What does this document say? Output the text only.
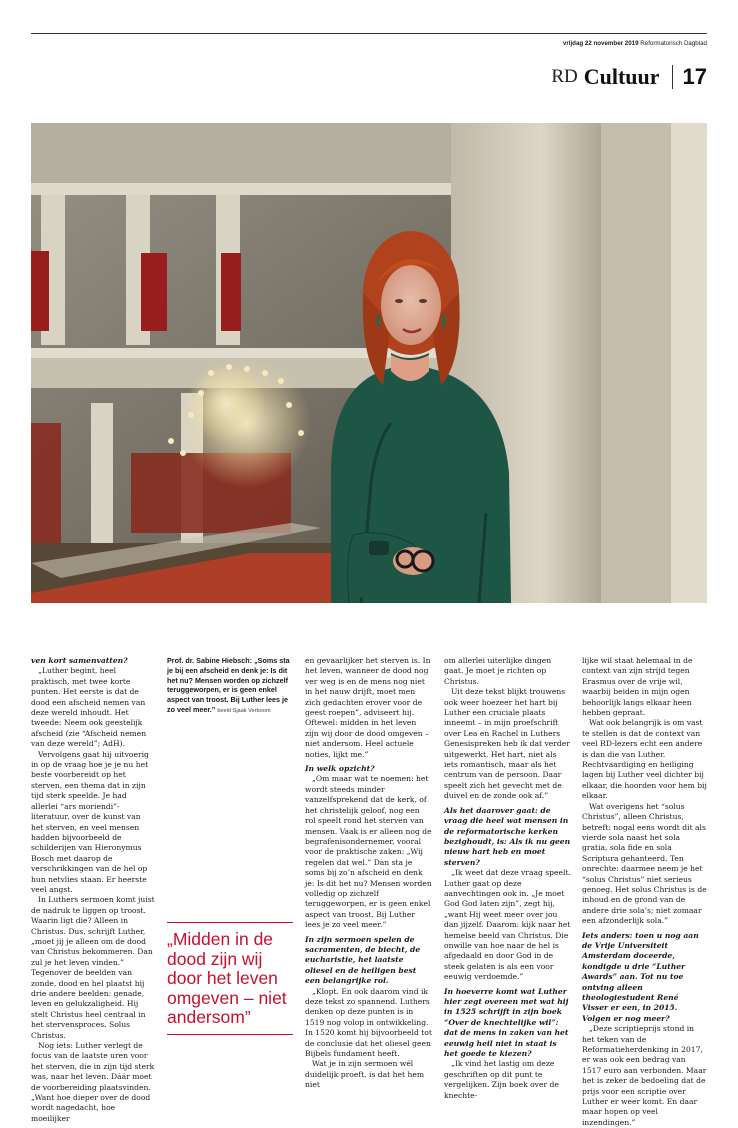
vrijdag 22 november 2019 Reformatorisch Dagblad
RD Cultuur 17

ven kort samenvatten?

„Luther begint, heel praktisch, met twee korte punten. Het eerste is dat de dood een afscheid nemen van deze wereld inhoudt. Het tweede: Neem ook geestelijk afscheid (zie “Afscheid nemen van deze wereld”; AdH).

Vervolgens gaat hij uitvoerig in op de vraag hoe je je nu het beste voorbereidt op het sterven, een thema dat in zijn tijd sterk speelde. Je had allerlei “ars moriendi”-literatuur, over de kunst van het sterven, en veel mensen hadden bijvoorbeeld de schilderijen van Hieronymus Bosch met daarop de verschrikkingen van de hel op hun netvlies staan. Er heerste veel angst.

In Luthers sermoen komt juist de nadruk te liggen op troost. Waarin ligt die? Alleen in Christus. Dus, schrijft Luther, „moet jij je alleen om de dood van Christus bekommeren. Dan zul je het leven vinden.” Tegenover de beelden van zonde, dood en hel plaatst hij drie andere beelden: genade, leven en gelukzaligheid. Hij stelt Christus heel centraal in het stervensproces. Solus Christus.

Nog iets: Luther verlegt de focus van de laatste uren voor het sterven, die in zijn tijd sterk was, naar het leven. Dáár moet de voorbereiding plaatsvinden. „Want hoe dieper over de dood wordt nagedacht, hoe moeilijker

Prof. dr. Sabine Hiebsch: „Soms sta je bij een afscheid en denk je: Is dit het nu? Mensen worden op zichzelf teruggeworpen, er is geen enkel aspect van troost. Bij Luther lees je zo veel meer.” beeld Sjaak Verboom
„Midden in de dood zijn wij door het leven omgeven – niet andersom”

en gevaarlijker het sterven is. In het leven, wanneer de dood nog ver weg is en de mens nog niet in het nauw drijft, moet men zich gedachten erover voor de geest roepen”, adviseert hij. Oftewel: midden in het leven zijn wij door de dood omgeven – niet andersom. Heel actuele noties, lijkt me.”

In welk opzicht?

„Om maar wat te noemen: het wordt steeds minder vanzelfsprekend dat de kerk, of het christelijk geloof, nog een rol speelt rond het sterven van mensen. Vaak is er alleen nog de begrafenisondernemer, vooral voor de praktische zaken: „Wij regelen dat wel.” Dan sta je soms bij zo’n afscheid en denk je: Is dit het nu? Mensen worden volledig op zichzelf teruggeworpen, er is geen enkel aspect van troost. Bij Luther lees je zo veel meer.”

In zijn sermoen spelen de sacramenten, de biecht, de eucharistie, het laatste oliesel en de heiligen best een belangrijke rol.

„Klopt. En ook daarom vind ik deze tekst zo spannend. Luthers denken op deze punten is in 1519 nog volop in ontwikkeling. In 1520 komt hij bijvoorbeeld tot de conclusie dat het oliesel geen Bijbels fundament heeft.

Wat je in zijn sermoen wél duidelijk proeft, is dat het hem niet

om allerlei uiterlijke dingen gaat. Je moet je richten op Christus.

Uit deze tekst blijkt trouwens ook weer hoezeer het hart bij Luther een cruciale plaats inneemt – in mijn proefschrift over Lea en Rachel in Luthers Genesispreken heb ik dat verder uitgewerkt. Het hart, niet als iets romantisch, maar als het centrum van de persoon. Daar speelt zich het gevecht met de duivel en de zonde ook af.”

Als het daarover gaat: de vraag die heel wat mensen in de reformatorische kerken bezighoudt, is: Als ik nu geen nieuw hart heb en moet sterven?

„Ik weet dat deze vraag speelt. Luther gaat op deze aanvechtingen ook in. „Je moet God God laten zijn”, zegt hij, „want Hij weet meer over jou dan jijzelf. Daarom: kijk naar het hemelse beeld van Christus. Die onwille van hoe naar de hel is afgedaald en door God in de steek gelaten is als een voor eeuwig verdoemde.”

In hoeverre komt wat Luther hier zegt overeen met wat hij in 1525 schrijft in zijn boek “Over de knechtelijke wil”: dat de mens in zaken van het eeuwig heil niet in staat is het goede te kiezen?

„Ik vind het lastig om deze geschriften op dit punt te vergelijken. Zijn boek over de knechte-

lijke wil staat helemaal in de context van zijn strijd tegen Erasmus over de vrije wil, waarbij beiden in mijn ogen behoorlijk langs elkaar heen hebben gepraat.

Wat ook belangrijk is om vast te stellen is dat de context van veel RD-lezers echt een andere is dan die van Luther. Rechtvaardiging en heiliging lagen bij Luther veel dichter bij elkaar, die hoorden voor hem bij elkaar.

Wat overigens het “solus Christus”, alleen Christus, betreft: nogal eens wordt dit als vierde sola naast het sola gratia, sola fide en sola Scriptura gehanteerd. Ten onrechte: daarmee neem je het “solus Christus” niet serieus genoeg. Het solus Christus is de inhoud en de grond van de andere drie sola’s; niet zomaar een afzonderlijk sola.”

Iets anders: toen u nog aan de Vrije Universiteit Amsterdam doceerde, kondigde u drie “Luther Awards” aan. Tot nu toe ontving alleen theologiestudent René Visser er een, in 2015. Volgen er nog meer?

„Deze scriptieprijs stond in het teken van de Reformatieherdenking in 2017, er was ook een bedrag van 1517 euro aan verbonden. Maar het is zeker de bedoeling dat de prijs voor een scriptie over Luther er weer komt. En daar maar hopen op veel inzendingen.”
